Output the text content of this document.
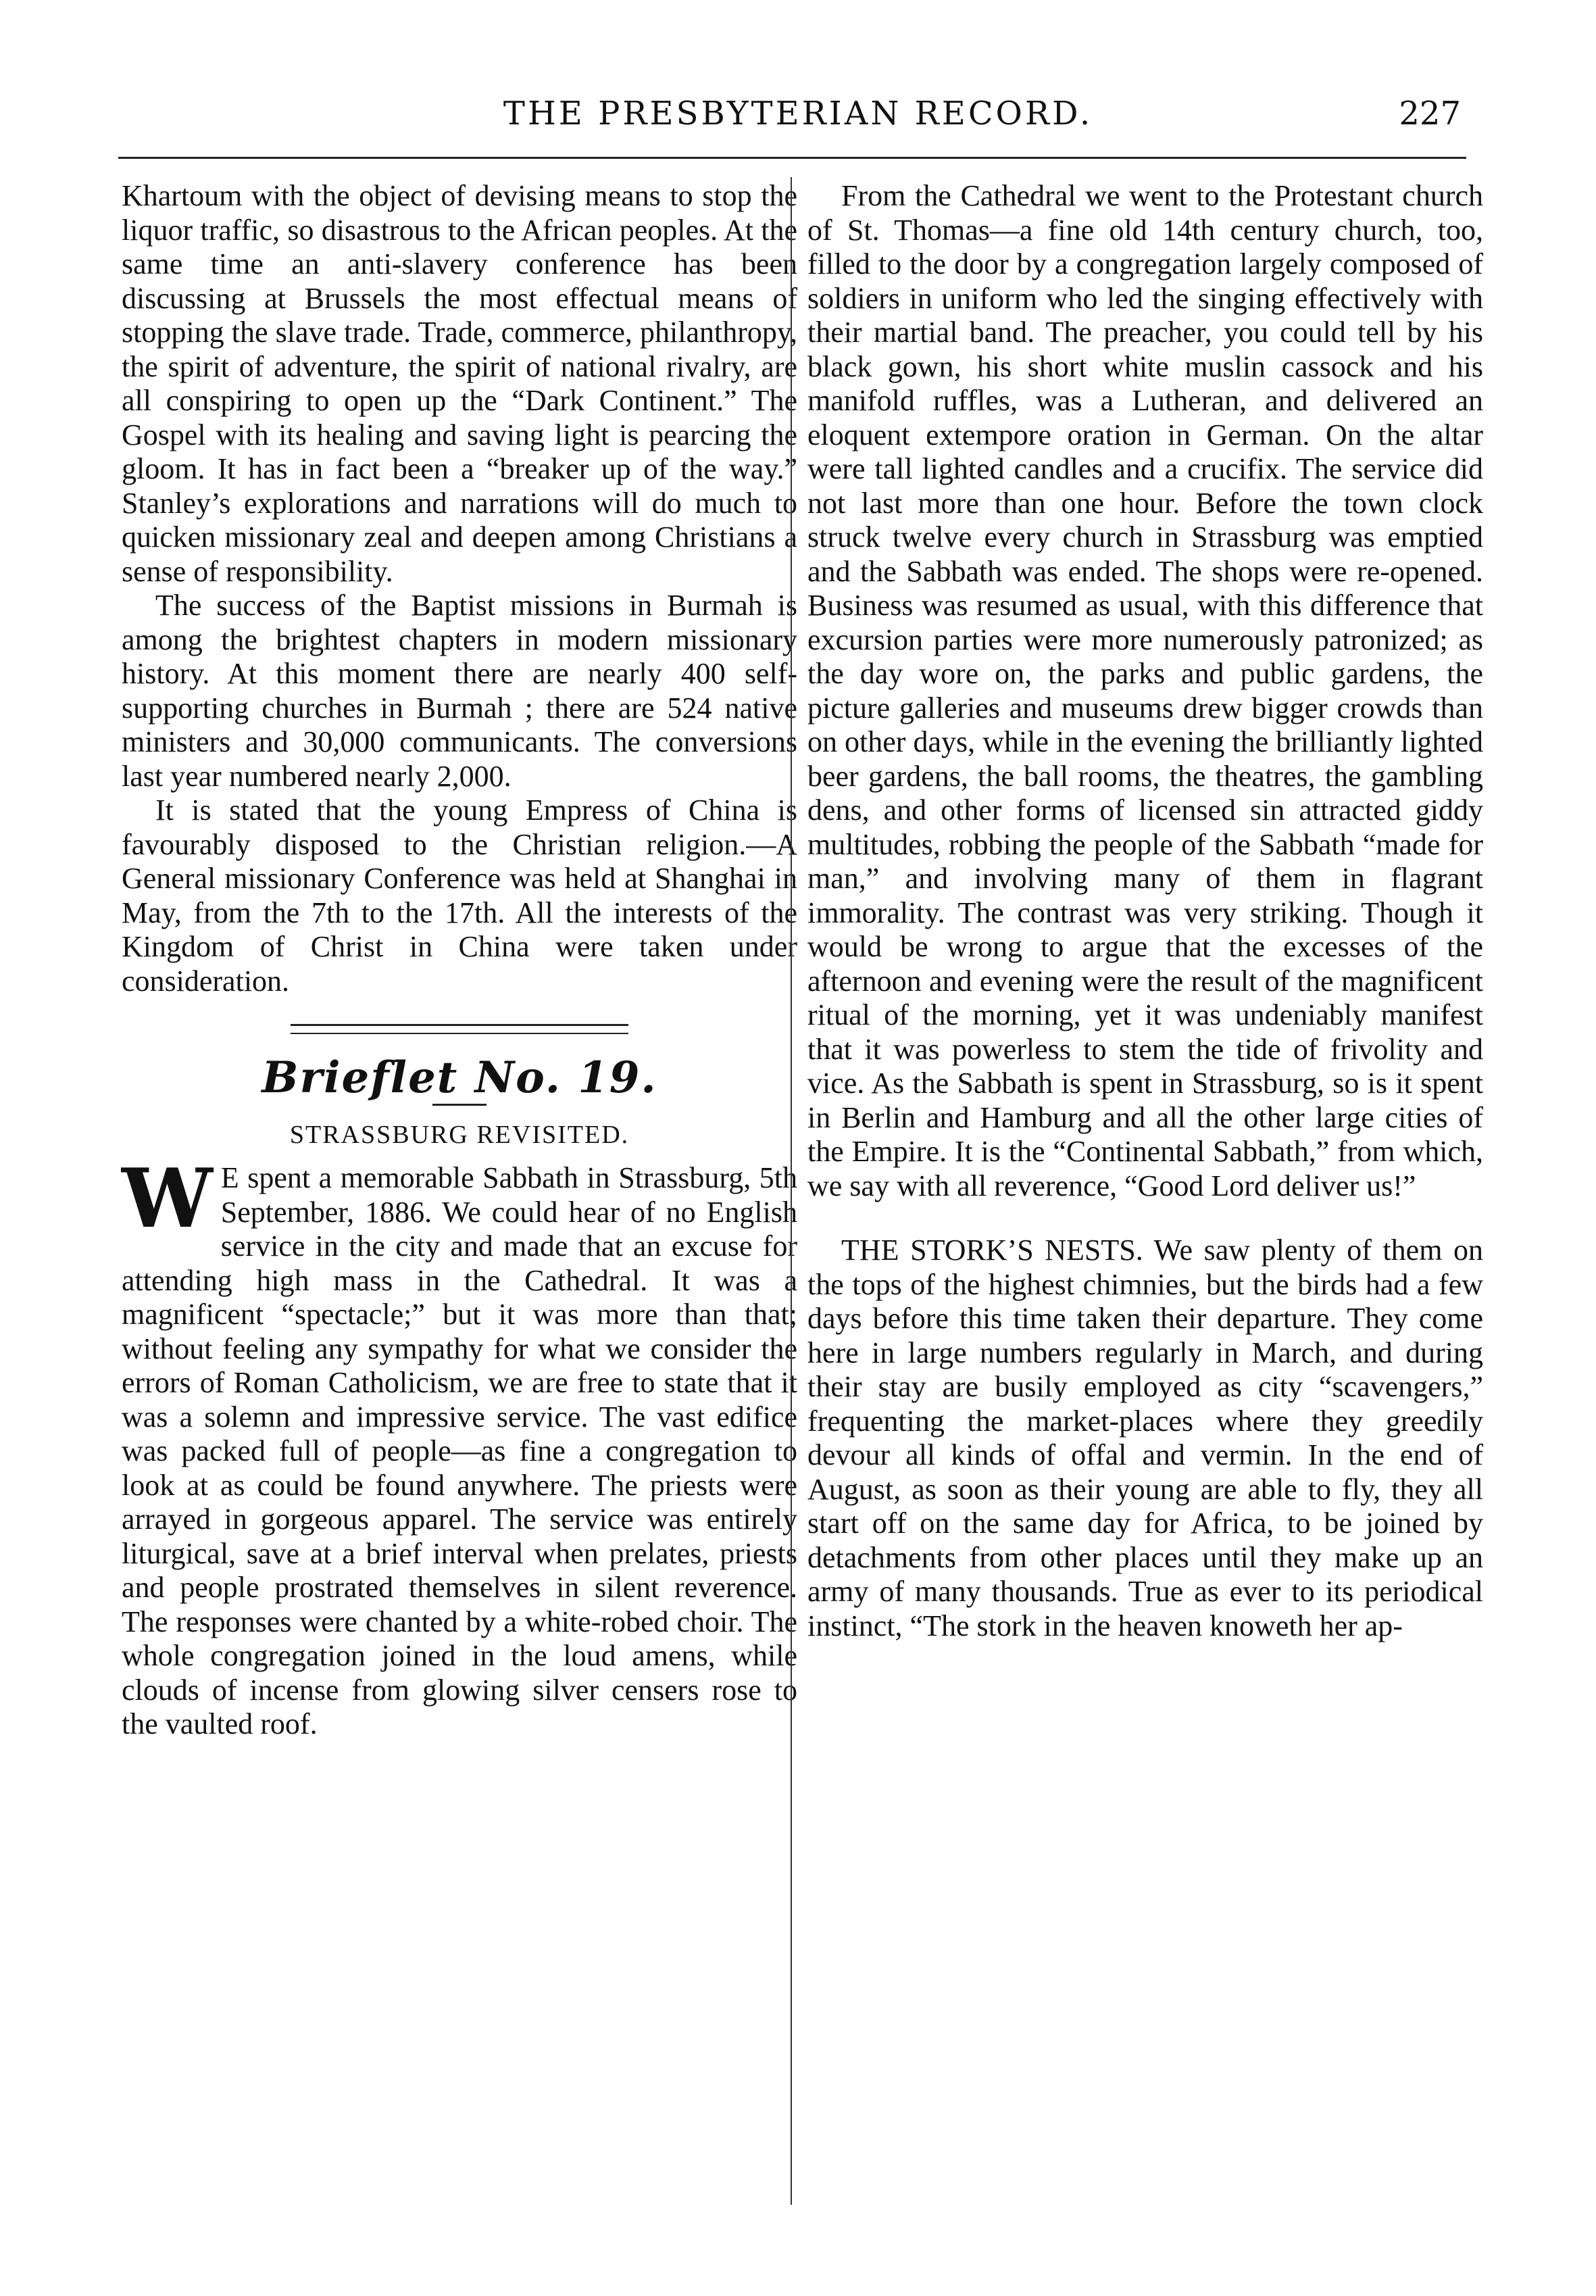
THE PRESBYTERIAN RECORD.	227

Khartoum with the object of devising means to stop the liquor traffic, so disastrous to the African peoples. At the same time an anti-slavery conference has been discussing at Brussels the most effectual means of stopping the slave trade. Trade, commerce, philanthropy, the spirit of adventure, the spirit of national rivalry, are all conspiring to open up the “Dark Continent.” The Gospel with its healing and saving light is pearcing the gloom. It has in fact been a “breaker up of the way.” Stanley’s explorations and narrations will do much to quicken missionary zeal and deepen among Christians a sense of responsibility.

The success of the Baptist missions in Burmah is among the brightest chapters in modern missionary history. At this moment there are nearly 400 self-supporting churches in Burmah ; there are 524 native ministers and 30,000 communicants. The conversions last year numbered nearly 2,000.

It is stated that the young Empress of China is favourably disposed to the Christian religion.—A General missionary Conference was held at Shanghai in May, from the 7th to the 17th. All the interests of the Kingdom of Christ in China were taken under consideration.

Brieflet No. 19.
STRASSBURG REVISITED.

W E spent a memorable Sabbath in Strassburg, 5th September, 1886. We could hear of no English service in the city and made that an excuse for attending high mass in the Cathedral. It was a magnificent “spectacle;” but it was more than that; without feeling any sympathy for what we consider the errors of Roman Catholicism, we are free to state that it was a solemn and impressive service. The vast edifice was packed full of people—as fine a congregation to look at as could be found anywhere. The priests were arrayed in gorgeous apparel. The service was entirely liturgical, save at a brief interval when prelates, priests and people prostrated themselves in silent reverence. The responses were chanted by a white-robed choir. The whole congregation joined in the loud amens, while clouds of incense from glowing silver censers rose to the vaulted roof.

From the Cathedral we went to the Protestant church of St. Thomas—a fine old 14th century church, too, filled to the door by a congregation largely composed of soldiers in uniform who led the singing effectively with their martial band. The preacher, you could tell by his black gown, his short white muslin cassock and his manifold ruffles, was a Lutheran, and delivered an eloquent extempore oration in German. On the altar were tall lighted candles and a crucifix. The service did not last more than one hour. Before the town clock struck twelve every church in Strassburg was emptied and the Sabbath was ended. The shops were re-opened. Business was resumed as usual, with this difference that excursion parties were more numerously patronized; as the day wore on, the parks and public gardens, the picture galleries and museums drew bigger crowds than on other days, while in the evening the brilliantly lighted beer gardens, the ball rooms, the theatres, the gambling dens, and other forms of licensed sin attracted giddy multitudes, robbing the people of the Sabbath “made for man,” and involving many of them in flagrant immorality. The contrast was very striking. Though it would be wrong to argue that the excesses of the afternoon and evening were the result of the magnificent ritual of the morning, yet it was undeniably manifest that it was powerless to stem the tide of frivolity and vice. As the Sabbath is spent in Strassburg, so is it spent in Berlin and Hamburg and all the other large cities of the Empire. It is the “Continental Sabbath,” from which, we say with all reverence, “Good Lord deliver us!”

THE STORK’S NESTS. We saw plenty of them on the tops of the highest chimnies, but the birds had a few days before this time taken their departure. They come here in large numbers regularly in March, and during their stay are busily employed as city “scavengers,” frequenting the market-places where they greedily devour all kinds of offal and vermin. In the end of August, as soon as their young are able to fly, they all start off on the same day for Africa, to be joined by detachments from other places until they make up an army of many thousands. True as ever to its periodical instinct, “The stork in the heaven knoweth her ap-
